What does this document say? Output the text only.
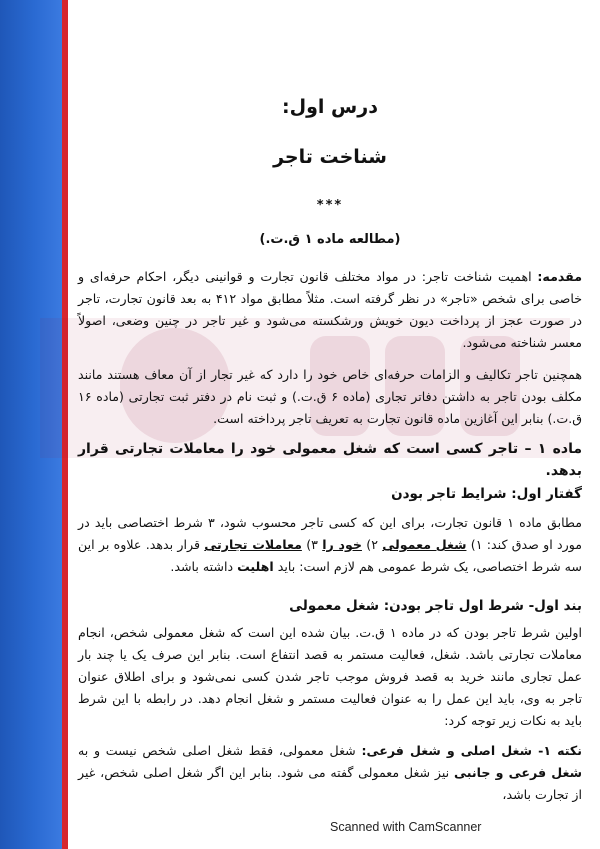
درس اول:
شناخت تاجر
***
(مطالعه ماده ۱ ق.ت.)
مقدمه: اهمیت شناخت تاجر: در مواد مختلف قانون تجارت و قوانینی دیگر، احکام حرفه‌ای و خاصی برای شخص «تاجر» در نظر گرفته است. مثلاً مطابق مواد ۴۱۲ به بعد قانون تجارت، تاجر در صورت عجز از پرداخت دیون خویش ورشکسته می‌شود و غیر تاجر در چنین وضعی، اصولاً معسر شناخته می‌شود.
همچنین تاجر تکالیف و الزامات حرفه‌ای خاص خود را دارد که غیر تجار از آن معاف هستند مانند مکلف بودن تاجر به داشتن دفاتر تجاری (ماده ۶ ق.ت.) و ثبت نام در دفتر ثبت تجارتی (ماده ۱۶ ق.ت.) بنابر این آغازین ماده قانون تجارت به تعریف تاجر پرداخته است.
ماده ۱ – تاجر کسی است که شغل معمولی خود را معاملات تجارتی قرار بدهد.
گفتار اول: شرایط تاجر بودن
مطابق ماده ۱ قانون تجارت، برای این که کسی تاجر محسوب شود، ۳ شرط اختصاصی باید در مورد او صدق کند: ۱) شغل معمولی ۲) خود را ۳) معاملات تجارتی قرار بدهد. علاوه بر این سه شرط اختصاصی، یک شرط عمومی هم لازم است: باید اهلیت داشته باشد.
بند اول- شرط اول تاجر بودن: شغل معمولی
اولین شرط تاجر بودن که در ماده ۱ ق.ت. بیان شده این است که شغل معمولی شخص، انجام معاملات تجارتی باشد. شغل، فعالیت مستمر به قصد انتفاع است. بنابر این صرف یک یا چند بار عمل تجاری مانند خرید به قصد فروش موجب تاجر شدن کسی نمی‌شود و برای اطلاق عنوان تاجر به وی، باید این عمل را به عنوان فعالیت مستمر و شغل انجام دهد. در رابطه با این شرط باید به نکات زیر توجه کرد:
نکته ۱- شغل اصلی و شغل فرعی: شغل معمولی، فقط شغل اصلی شخص نیست و به شغل فرعی و جانبی نیز شغل معمولی گفته می شود. بنابر این اگر شغل اصلی شخص، غیر از تجارت باشد،
Scanned with CamScanner
